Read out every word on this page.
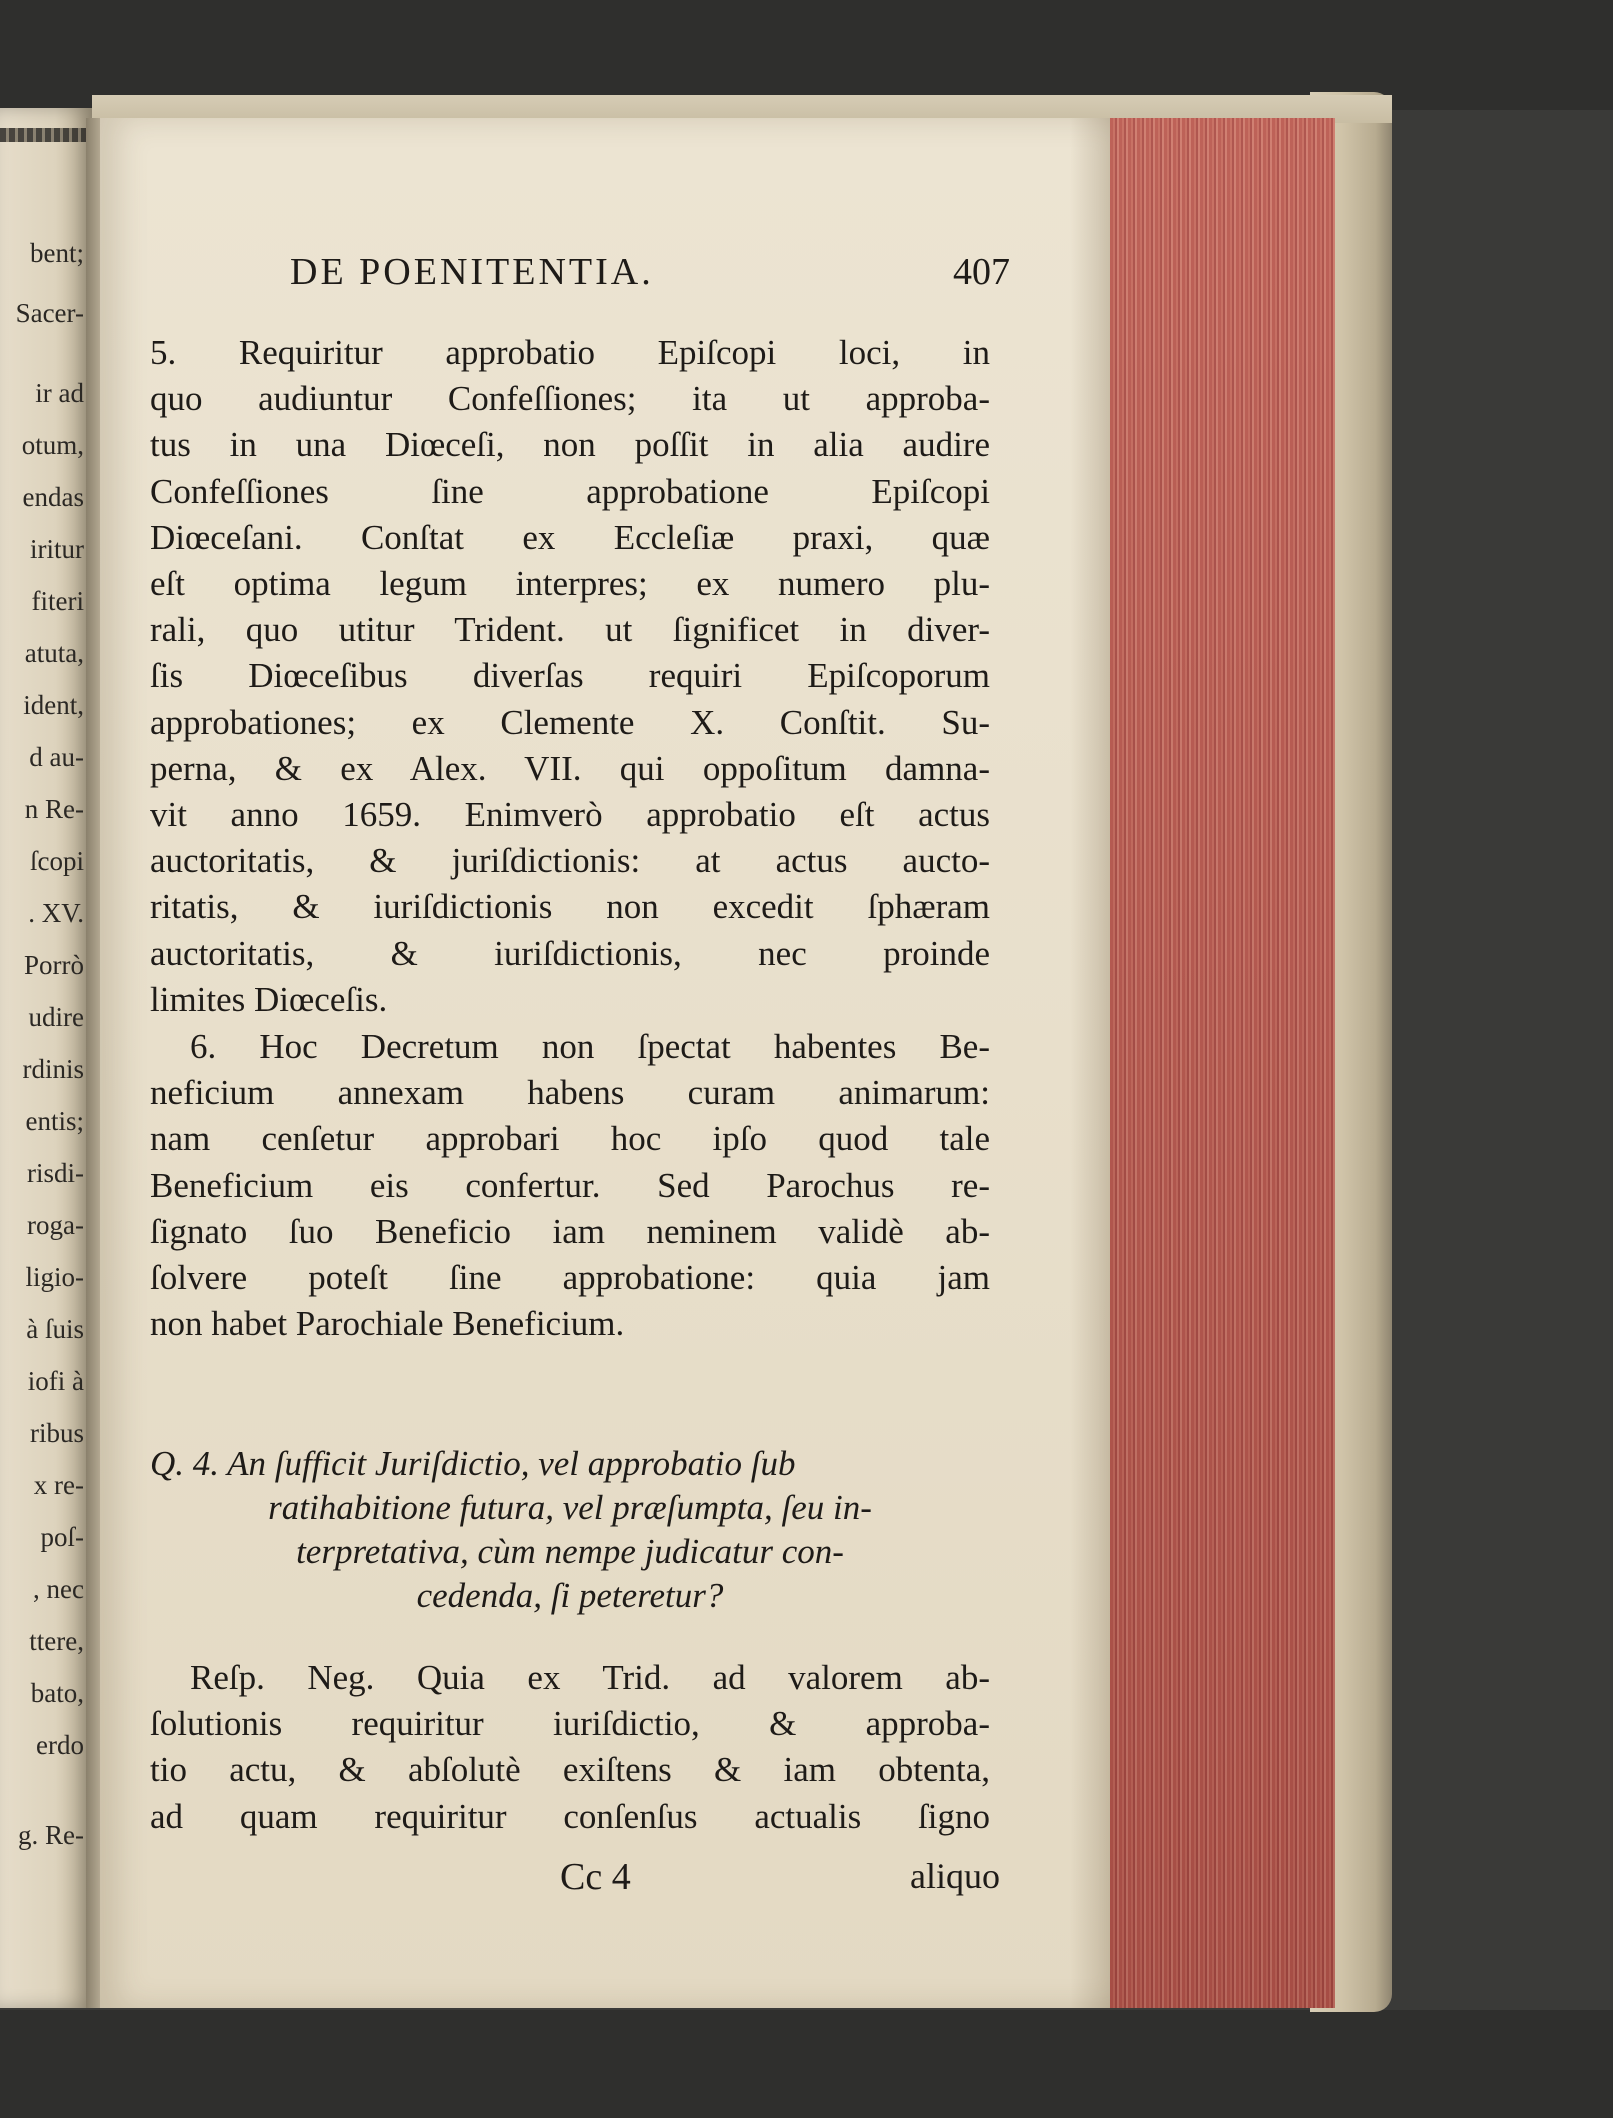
bent;

Sacer-

ir ad

otum,

endas

iritur

fiteri

atuta,

ident,

d au-

n Re-

ſcopi

. XV.

Porrò

udire

rdinis

entis;

risdi-

roga-

ligio-

à ſuis

iofi à

ribus

x re-

poſ-

, nec

ttere,

bato,

erdo

g. Re-

DE POENITENTIA.	407

5. Requiritur approbatio Epiſcopi loci, in
quo audiuntur Confeſſiones; ita ut approba-
tus in una Diœceſi, non poſſit in alia audire
Confeſſiones ſine approbatione Epiſcopi
Diœceſani. Conſtat ex Eccleſiæ praxi, quæ
eſt optima legum interpres; ex numero plu-
rali, quo utitur Trident. ut ſignificet in diver-
ſis Diœceſibus diverſas requiri Epiſcoporum
approbationes; ex Clemente X. Conſtit. Su-
perna, & ex Alex. VII. qui oppoſitum damna-
vit anno 1659. Enimverò approbatio eſt actus
auctoritatis, & juriſdictionis: at actus aucto-
ritatis, & iuriſdictionis non excedit ſphæram
auctoritatis, & iuriſdictionis, nec proinde
limites Diœceſis.
6. Hoc Decretum non ſpectat habentes Be-
neficium annexam habens curam animarum:
nam cenſetur approbari hoc ipſo quod tale
Beneficium eis confertur. Sed Parochus re-
ſignato ſuo Beneficio iam neminem validè ab-
ſolvere poteſt ſine approbatione: quia jam
non habet Parochiale Beneficium.
Q. 4. An ſufficit Juriſdictio, vel approbatio ſub
ratihabitione futura, vel præſumpta, ſeu in-
terpretativa, cùm nempe judicatur con-
cedenda, ſi peteretur?
Reſp. Neg. Quia ex Trid. ad valorem ab-
ſolutionis requiritur iuriſdictio, & approba-
tio actu, & abſolutè exiſtens & iam obtenta,
ad quam requiritur conſenſus actualis ſigno

Cc 4	aliquo
